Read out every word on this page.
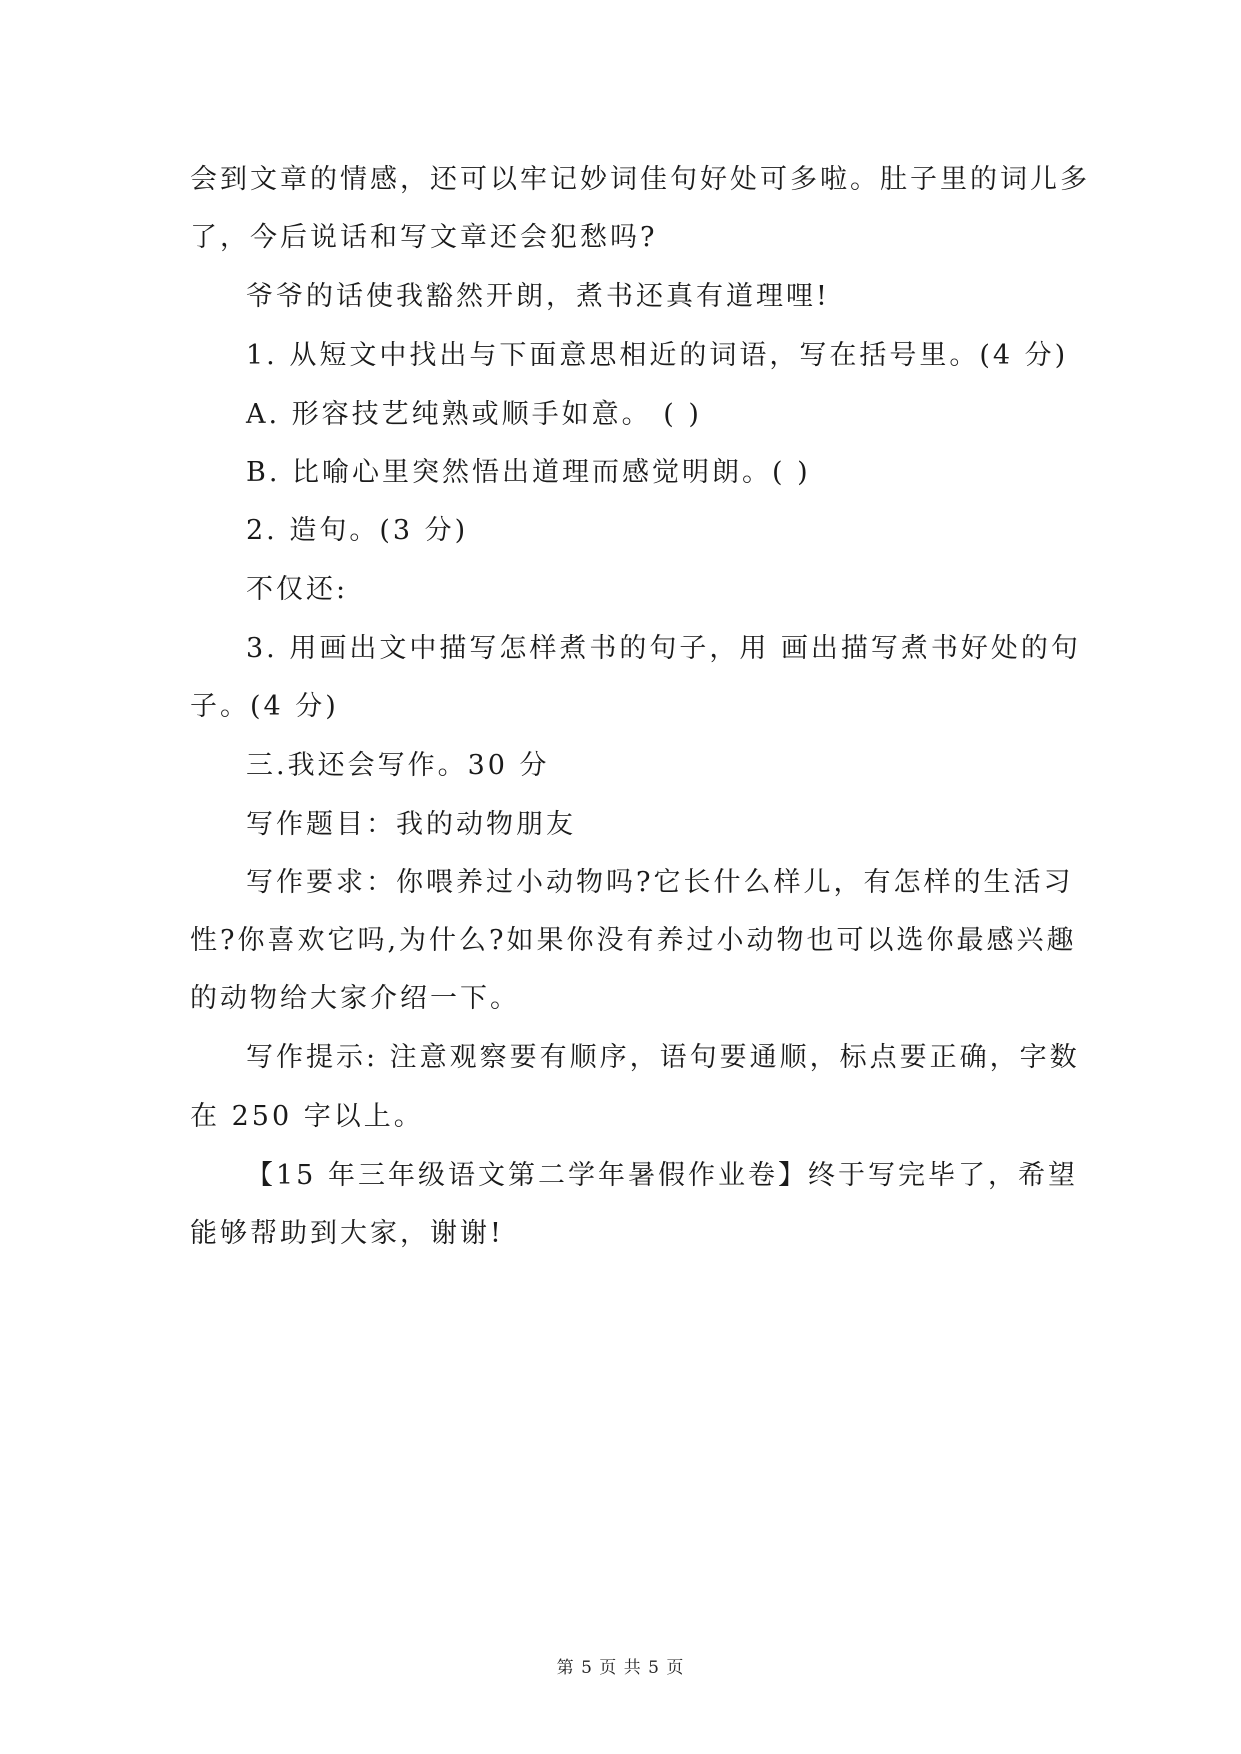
会到文章的情感，还可以牢记妙词佳句好处可多啦。肚子里的词儿多
了，今后说话和写文章还会犯愁吗?
爷爷的话使我豁然开朗，煮书还真有道理哩!
1. 从短文中找出与下面意思相近的词语，写在括号里。(4 分)
A. 形容技艺纯熟或顺手如意。 ( )
B. 比喻心里突然悟出道理而感觉明朗。( )
2. 造句。(3 分)
不仅还:
3. 用画出文中描写怎样煮书的句子，用 画出描写煮书好处的句
子。(4 分)
三.我还会写作。30 分
写作题目：我的动物朋友
写作要求：你喂养过小动物吗?它长什么样儿，有怎样的生活习
性?你喜欢它吗,为什么?如果你没有养过小动物也可以选你最感兴趣
的动物给大家介绍一下。
写作提示: 注意观察要有顺序，语句要通顺，标点要正确，字数
在 250 字以上。
【15 年三年级语文第二学年暑假作业卷】终于写完毕了，希望
能够帮助到大家，谢谢!
第 5 页 共 5 页
